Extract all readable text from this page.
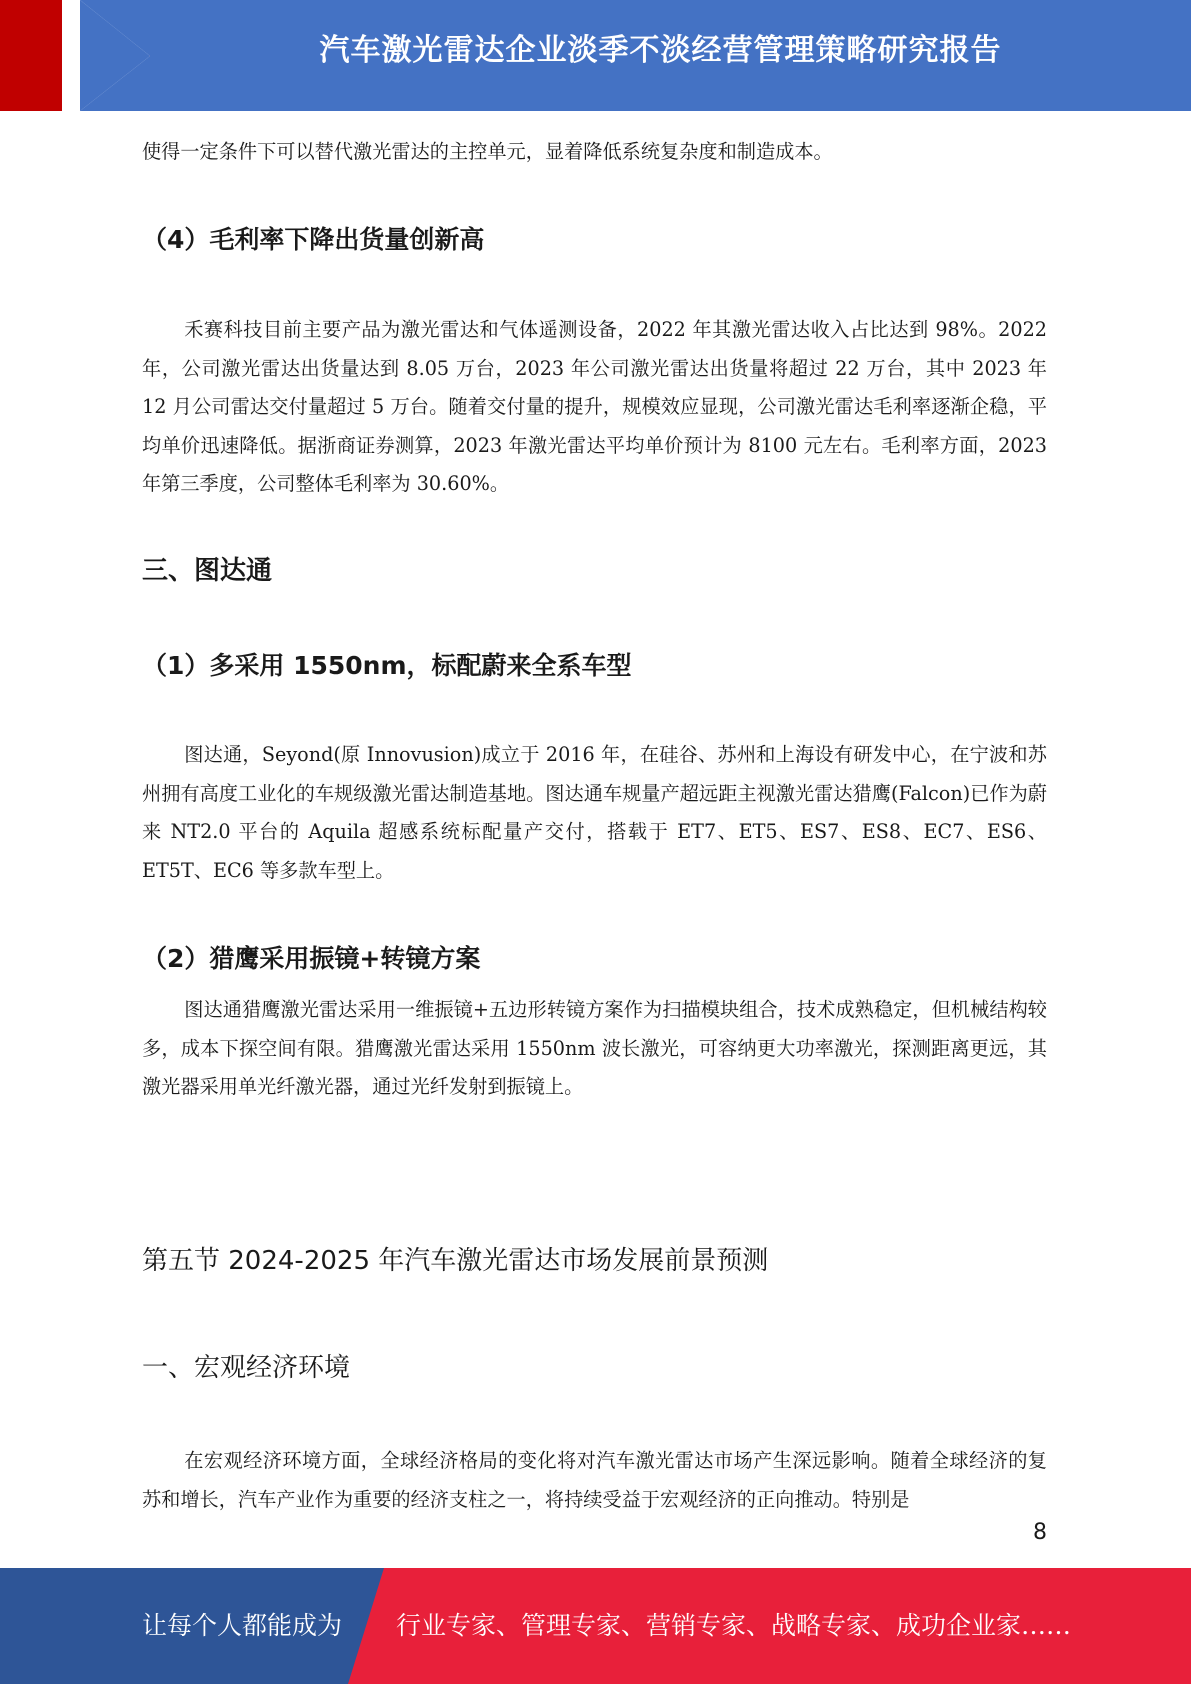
汽车激光雷达企业淡季不淡经营管理策略研究报告

使得一定条件下可以替代激光雷达的主控单元，显着降低系统复杂度和制造成本。

（4）毛利率下降出货量创新高

禾赛科技目前主要产品为激光雷达和气体遥测设备，2022 年其激光雷达收入占比达到 98%。2022 年，公司激光雷达出货量达到 8.05 万台，2023 年公司激光雷达出货量将超过 22 万台，其中 2023 年 12 月公司雷达交付量超过 5 万台。随着交付量的提升，规模效应显现，公司激光雷达毛利率逐渐企稳，平均单价迅速降低。据浙商证券测算，2023 年激光雷达平均单价预计为 8100 元左右。毛利率方面，2023 年第三季度，公司整体毛利率为 30.60%。

三、图达通
（1）多采用 1550nm，标配蔚来全系车型

图达通，Seyond(原 Innovusion)成立于 2016 年，在硅谷、苏州和上海设有研发中心，在宁波和苏州拥有高度工业化的车规级激光雷达制造基地。图达通车规量产超远距主视激光雷达猎鹰(Falcon)已作为蔚来 NT2.0 平台的 Aquila 超感系统标配量产交付，搭载于 ET7、ET5、ES7、ES8、EC7、ES6、ET5T、EC6 等多款车型上。

（2）猎鹰采用振镜+转镜方案

图达通猎鹰激光雷达采用一维振镜+五边形转镜方案作为扫描模块组合，技术成熟稳定，但机械结构较多，成本下探空间有限。猎鹰激光雷达采用 1550nm 波长激光，可容纳更大功率激光，探测距离更远，其激光器采用单光纤激光器，通过光纤发射到振镜上。

第五节 2024-2025 年汽车激光雷达市场发展前景预测
一、宏观经济环境

在宏观经济环境方面，全球经济格局的变化将对汽车激光雷达市场产生深远影响。随着全球经济的复苏和增长，汽车产业作为重要的经济支柱之一，将持续受益于宏观经济的正向推动。特别是

8
让每个人都能成为 行业专家、管理专家、营销专家、战略专家、成功企业家……
